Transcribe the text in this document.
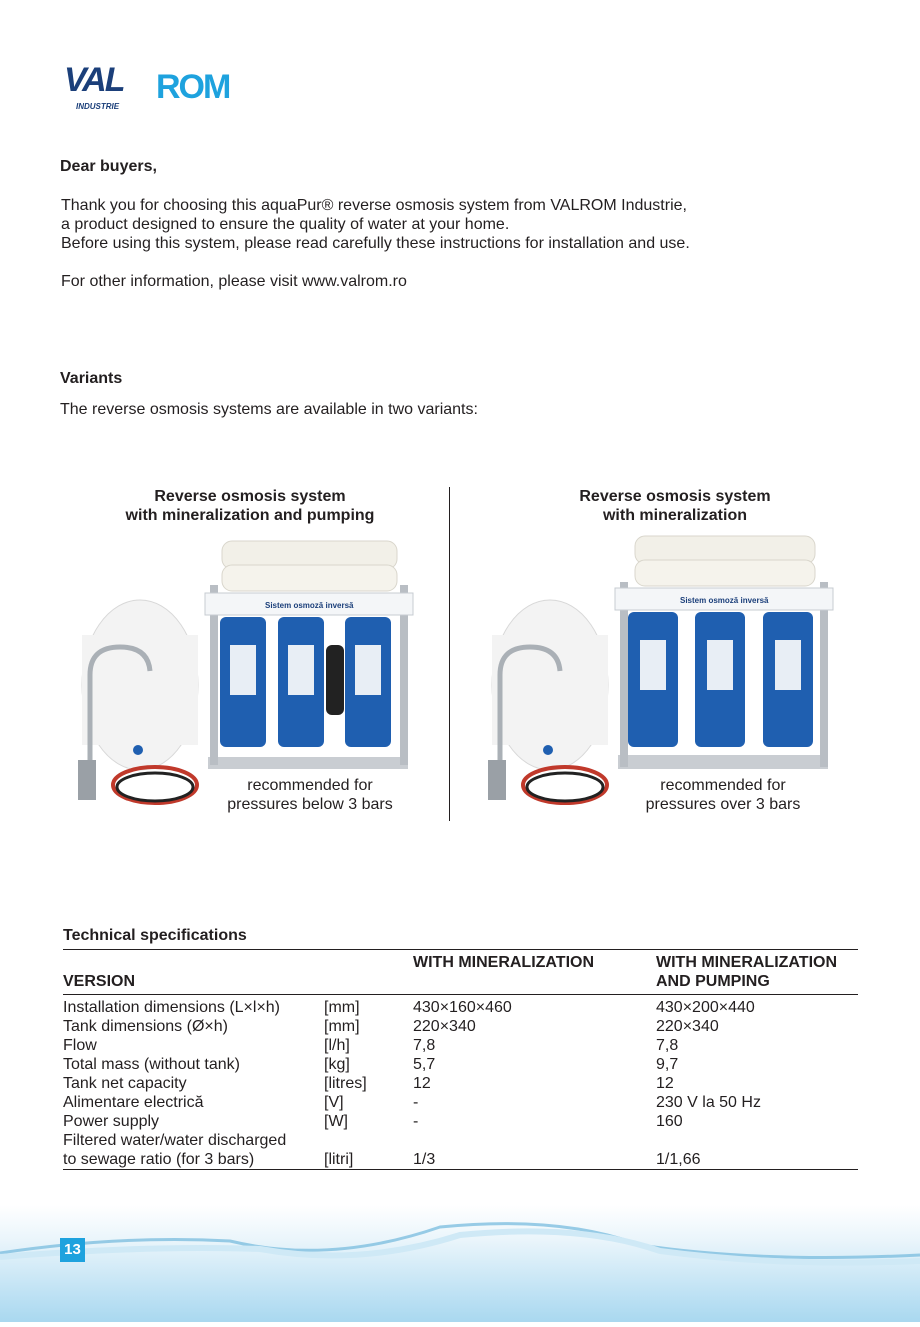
VAL ROM
INDUSTRIE
Dear buyers,
Thank you for choosing this aquaPur® reverse osmosis system from VALROM Industrie,
a product designed to ensure the quality of water at your home.
Before using this system, please read carefully these instructions for installation and use.
For other information, please visit www.valrom.ro
Variants
The reverse osmosis systems are available in two variants:
Reverse osmosis system
with mineralization and pumping
Sistem osmoză inversă
recommended for
pressures below 3 bars
Reverse osmosis system
with mineralization
Sistem osmoză inversă
recommended for
pressures over 3 bars
Technical specifications
VERSION		WITH MINERALIZATION	WITH MINERALIZATION
AND PUMPING

Installation dimensions (L×l×h)	[mm]	430×160×460	430×200×440
Tank dimensions (Ø×h)	[mm]	220×340	220×340
Flow	[l/h]	7,8	7,8
Total mass (without tank)	[kg]	5,7	9,7
Tank net capacity	[litres]	12	12
Alimentare electrică	[V]	-	230 V la 50 Hz
Power supply	[W]	-	160

Filtered water/water discharged
to sewage ratio (for 3 bars)	[litri]	1/3	1/1,66
13
